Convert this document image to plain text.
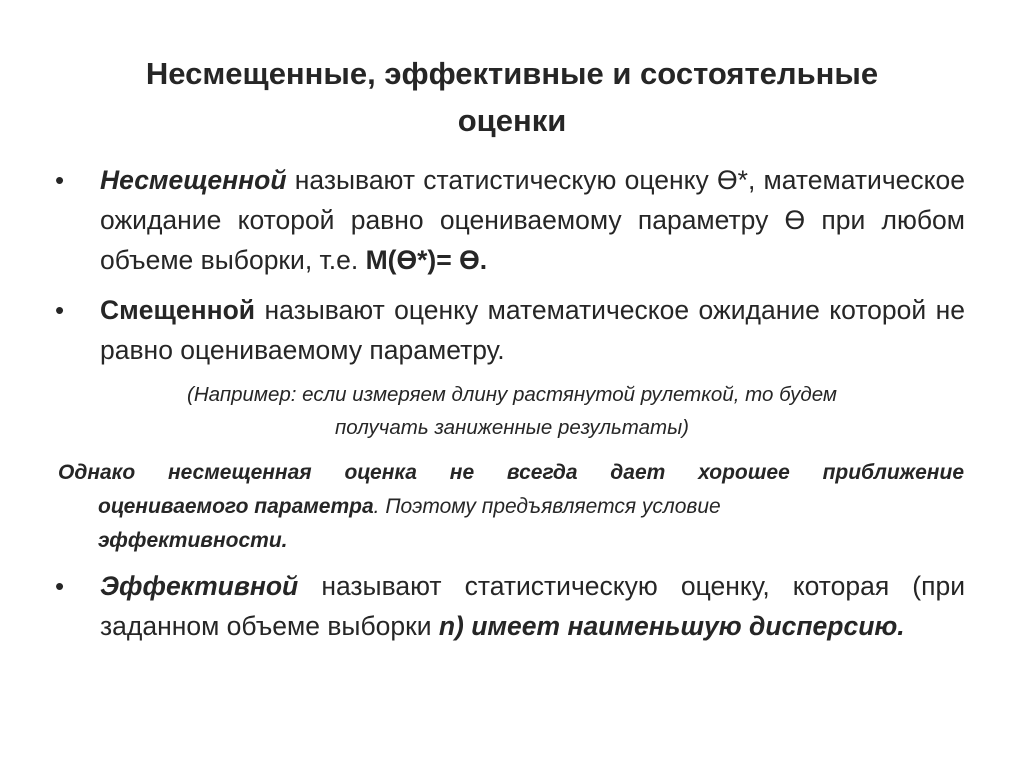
Несмещенные, эффективные и состоятельные
оценки
• Несмещенной называют статистическую оценку ϴ*, математическое ожидание которой равно оцениваемому параметру ϴ при любом объеме выборки, т.е. M(ϴ*)= ϴ.
• Смещенной называют оценку математическое ожидание которой не равно оцениваемому параметру.
(Например: если измеряем длину растянутой рулеткой, то будем
получать заниженные результаты)
Однако несмещенная оценка не всегда дает хорошее приближение
оцениваемого параметра. Поэтому предъявляется условие
эффективности.
• Эффективной называют статистическую оценку, которая (при заданном объеме выборки n) имеет наименьшую дисперсию.
